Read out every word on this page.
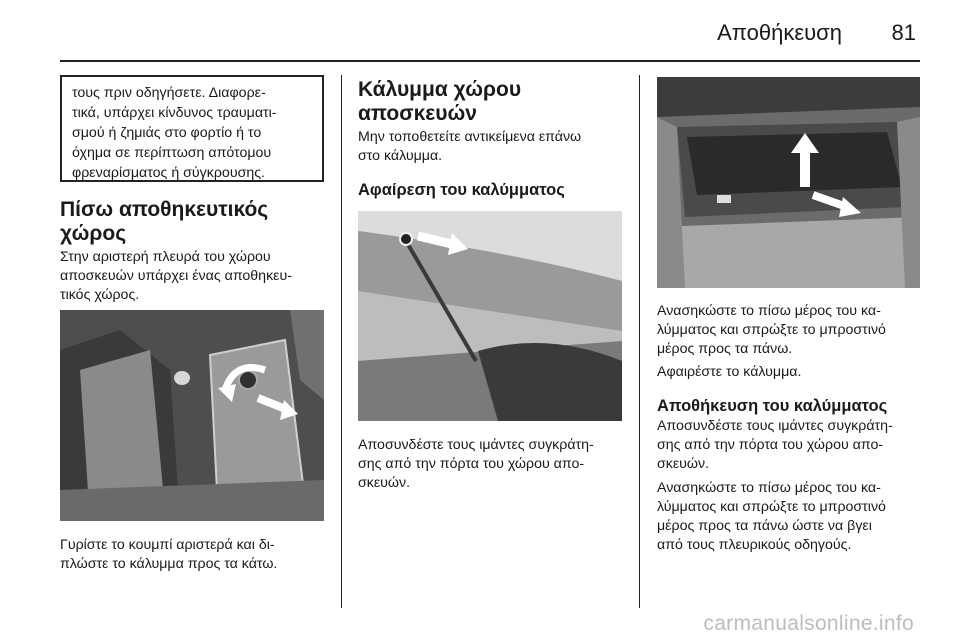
Αποθήκευση 81
τους πριν οδηγήσετε. Διαφορε-
τικά, υπάρχει κίνδυνος τραυματι-
σμού ή ζημιάς στο φορτίο ή το
όχημα σε περίπτωση απότομου
φρεναρίσματος ή σύγκρουσης.
Πίσω αποθηκευτικός
χώρος
Στην αριστερή πλευρά του χώρου
αποσκευών υπάρχει ένας αποθηκευ-
τικός χώρος.
Γυρίστε το κουμπί αριστερά και δι-
πλώστε το κάλυμμα προς τα κάτω.
Κάλυμμα χώρου
αποσκευών
Μην τοποθετείτε αντικείμενα επάνω
στο κάλυμμα.
Αφαίρεση του καλύμματος
Αποσυνδέστε τους ιμάντες συγκράτη-
σης από την πόρτα του χώρου απο-
σκευών.
Ανασηκώστε το πίσω μέρος του κα-
λύμματος και σπρώξτε το μπροστινό
μέρος προς τα πάνω.
Αφαιρέστε το κάλυμμα.
Αποθήκευση του καλύμματος
Αποσυνδέστε τους ιμάντες συγκράτη-
σης από την πόρτα του χώρου απο-
σκευών.
Ανασηκώστε το πίσω μέρος του κα-
λύμματος και σπρώξτε το μπροστινό
μέρος προς τα πάνω ώστε να βγει
από τους πλευρικούς οδηγούς.
carmanualsonline.info
